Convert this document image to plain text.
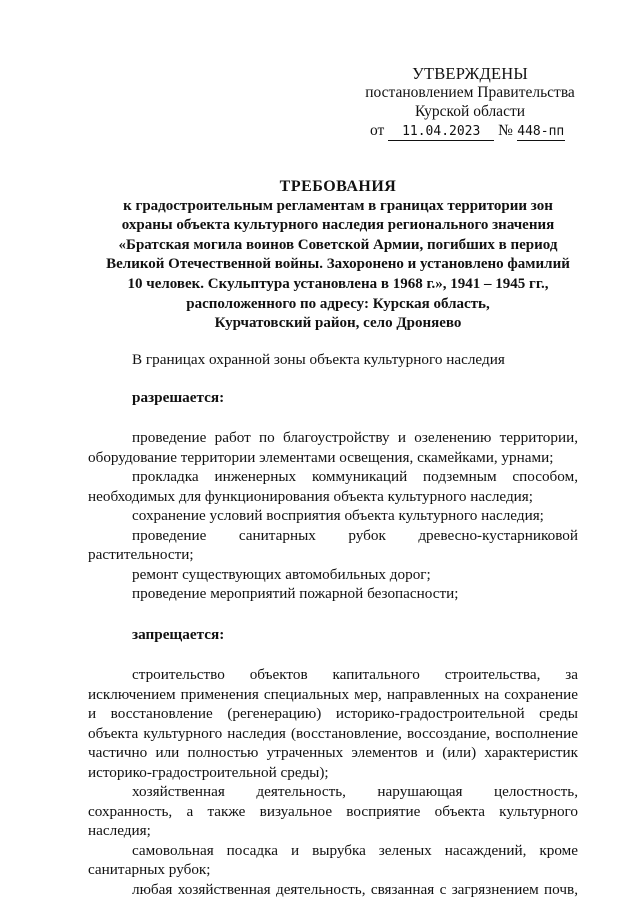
УТВЕРЖДЕНЫ
постановлением Правительства
Курской области
от 11.04.2023 № 448-пп
ТРЕБОВАНИЯ
к градостроительным регламентам в границах территории зон
охраны объекта культурного наследия регионального значения
«Братская могила воинов Советской Армии, погибших в период
Великой Отечественной войны. Захоронено и установлено фамилий
10 человек. Скульптура установлена в 1968 г.», 1941 – 1945 гг.,
расположенного по адресу: Курская область,
Курчатовский район, село Дроняево

В границах охранной зоны объекта культурного наследия

разрешается:

проведение работ по благоустройству и озеленению территории, оборудование территории элементами освещения, скамейками, урнами;

прокладка инженерных коммуникаций подземным способом, необходимых для функционирования объекта культурного наследия;

сохранение условий восприятия объекта культурного наследия;

проведение санитарных рубок древесно-кустарниковой растительности;

ремонт существующих автомобильных дорог;

проведение мероприятий пожарной безопасности;

запрещается:

строительство объектов капитального строительства, за исключением применения специальных мер, направленных на сохранение и восстановление (регенерацию) историко-градостроительной среды объекта культурного наследия (восстановление, воссоздание, восполнение частично или полностью утраченных элементов и (или) характеристик историко-градостроительной среды);

хозяйственная деятельность, нарушающая целостность, сохранность, а также визуальное восприятие объекта культурного наследия;

самовольная посадка и вырубка зеленых насаждений, кроме санитарных рубок;

любая хозяйственная деятельность, связанная с загрязнением почв,
